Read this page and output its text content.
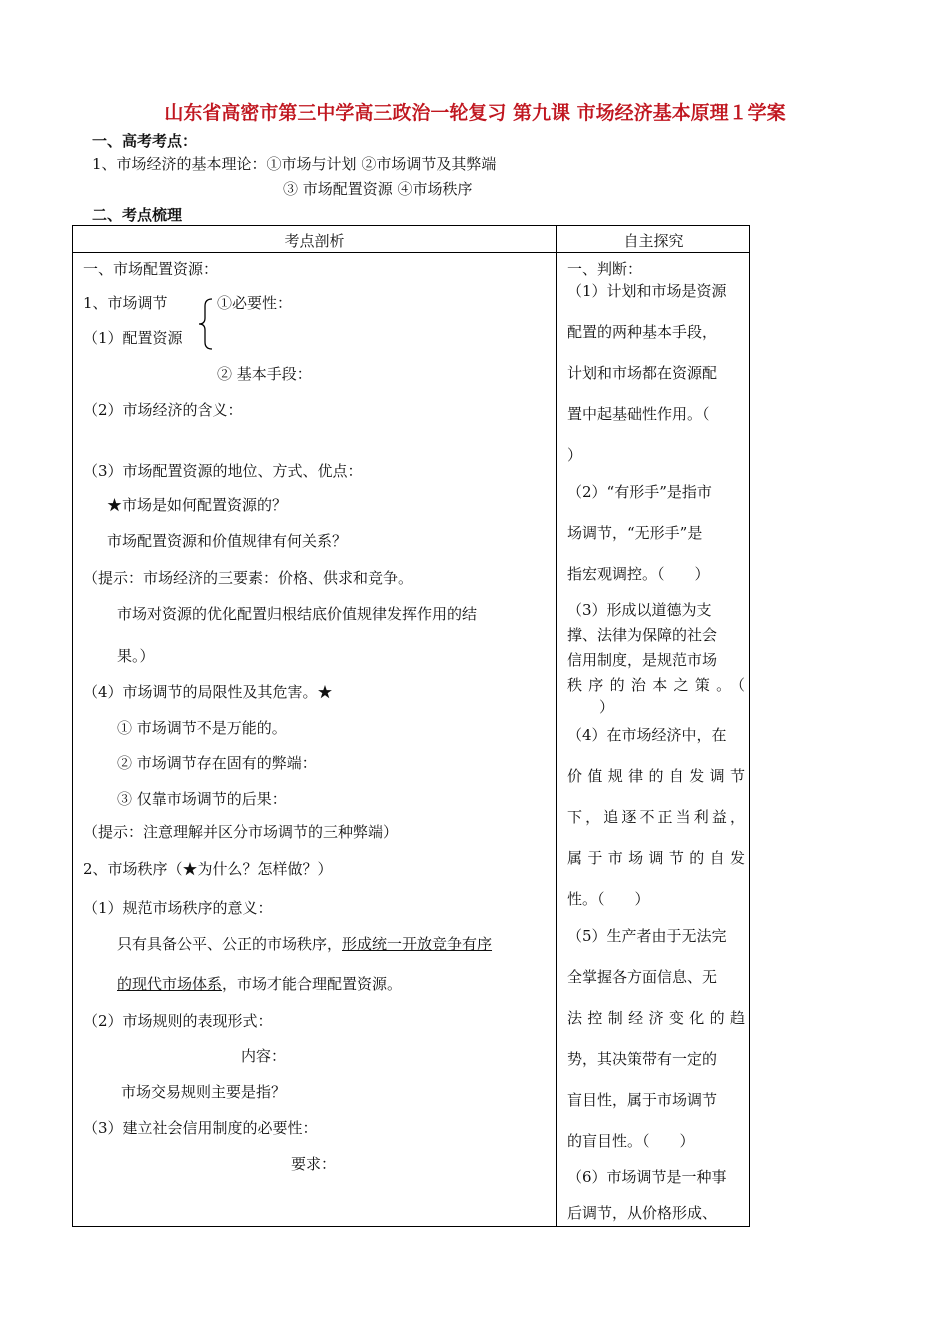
山东省高密市第三中学高三政治一轮复习 第九课 市场经济基本原理１学案
一、高考考点：
1、市场经济的基本理论：①市场与计划 ②市场调节及其弊端
③ 市场配置资源 ④市场秩序
二、考点梳理
考点剖析	自主探究
一、市场配置资源：
1、市场调节	①必要性：
（1）配置资源
② 基本手段：
（2）市场经济的含义：
（3）市场配置资源的地位、方式、优点：
★市场是如何配置资源的？
市场配置资源和价值规律有何关系？
（提示：市场经济的三要素：价格、供求和竞争。
市场对资源的优化配置归根结底价值规律发挥作用的结
果。）
（4）市场调节的局限性及其危害。★
① 市场调节不是万能的。
② 市场调节存在固有的弊端：
③ 仅靠市场调节的后果：
（提示：注意理解并区分市场调节的三种弊端）
2、市场秩序（★为什么？怎样做？）
（1）规范市场秩序的意义：
只有具备公平、公正的市场秩序，形成统一开放竞争有序
的现代市场体系，市场才能合理配置资源。
（2）市场规则的表现形式：
内容：
市场交易规则主要是指？
（3）建立社会信用制度的必要性：
要求：
一、判断：
（1）计划和市场是资源
配置的两种基本手段，
计划和市场都在资源配
置中起基础性作用。（
）
（2）“有形手”是指市
场调节，“无形手”是
指宏观调控。（　　）
（3）形成以道德为支
撑、法律为保障的社会
信用制度，是规范市场
秩序的治本之策。（
）
（4）在市场经济中，在
价值规律的自发调节
下，追逐不正当利益，
属于市场调节的自发
性。（　　）
（5）生产者由于无法完
全掌握各方面信息、无
法控制经济变化的趋
势，其决策带有一定的
盲目性，属于市场调节
的盲目性。（　　）
（6）市场调节是一种事
后调节，从价格形成、
